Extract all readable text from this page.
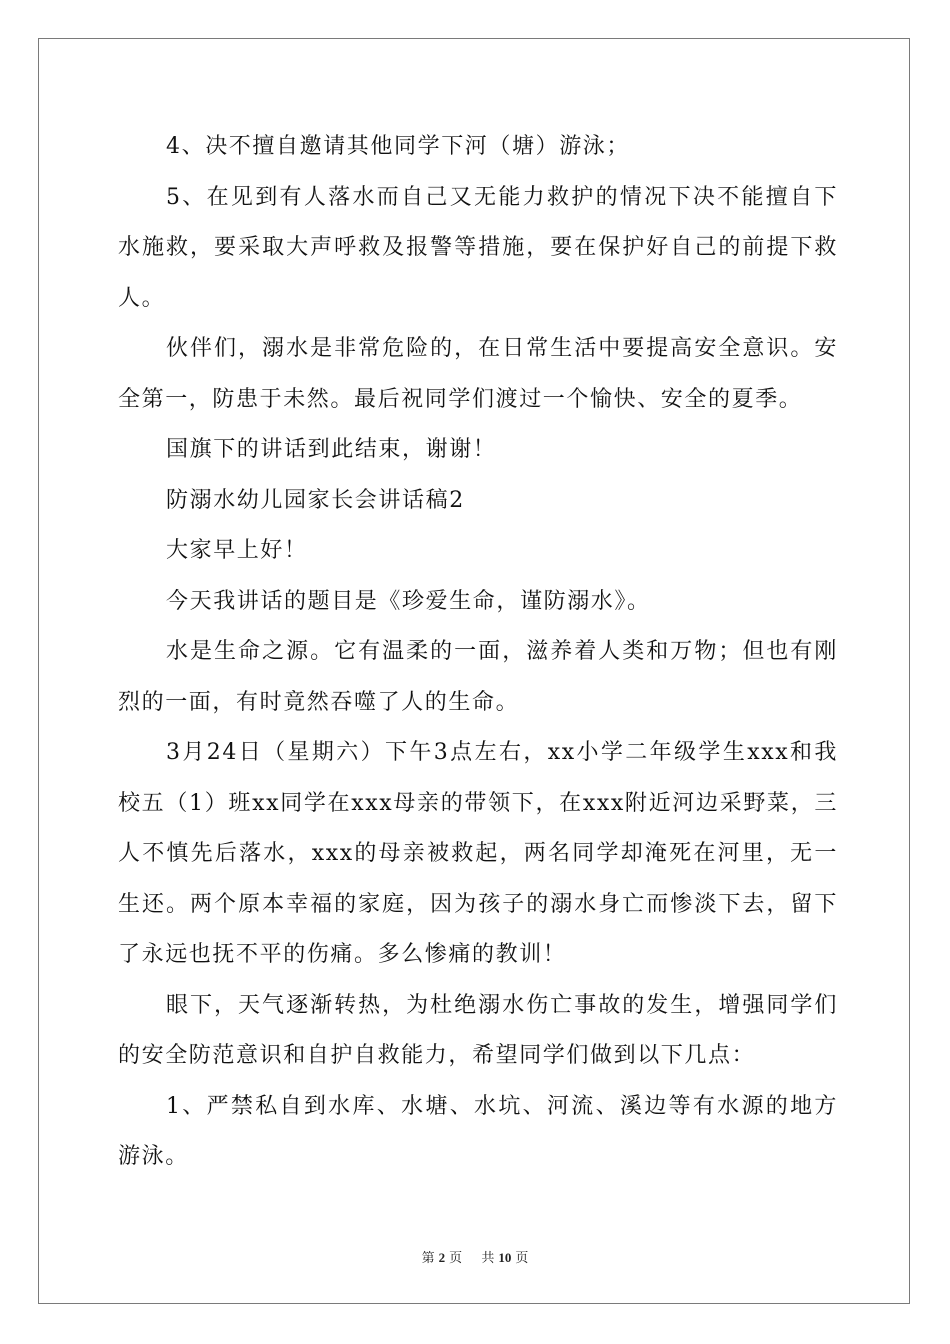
4、决不擅自邀请其他同学下河（塘）游泳；

5、在见到有人落水而自己又无能力救护的情况下决不能擅自下水施救，要采取大声呼救及报警等措施，要在保护好自己的前提下救人。

伙伴们，溺水是非常危险的，在日常生活中要提高安全意识。安全第一，防患于未然。最后祝同学们渡过一个愉快、安全的夏季。

国旗下的讲话到此结束，谢谢！

防溺水幼儿园家长会讲话稿2

大家早上好！

今天我讲话的题目是《珍爱生命，谨防溺水》。

水是生命之源。它有温柔的一面，滋养着人类和万物；但也有刚烈的一面，有时竟然吞噬了人的生命。

3月24日（星期六）下午3点左右，xx小学二年级学生xxx和我校五（1）班xx同学在xxx母亲的带领下，在xxx附近河边采野菜，三人不慎先后落水，xxx的母亲被救起，两名同学却淹死在河里，无一生还。两个原本幸福的家庭，因为孩子的溺水身亡而惨淡下去，留下了永远也抚不平的伤痛。多么惨痛的教训！

眼下，天气逐渐转热，为杜绝溺水伤亡事故的发生，增强同学们的安全防范意识和自护自救能力，希望同学们做到以下几点：

1、严禁私自到水库、水塘、水坑、河流、溪边等有水源的地方游泳。

第 2 页 共 10 页
